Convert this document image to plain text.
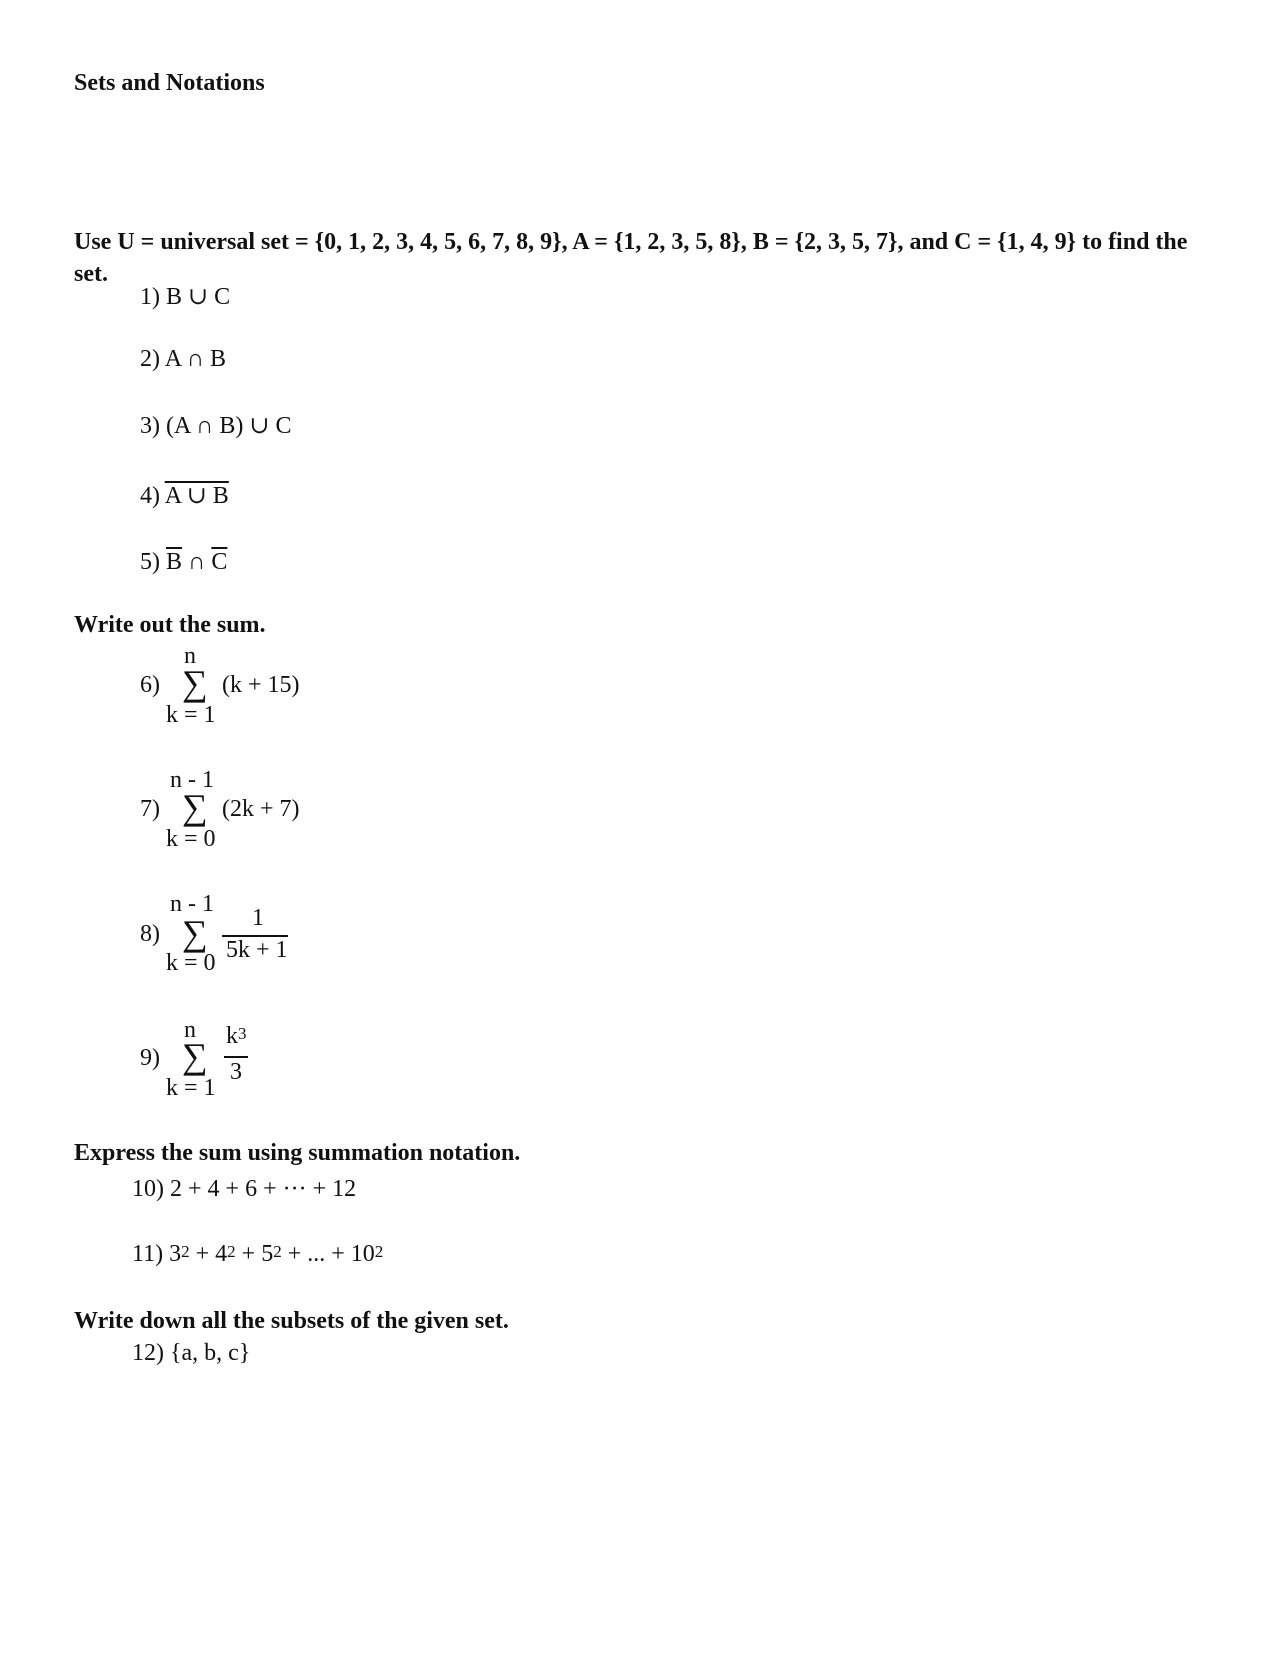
Sets and Notations
Use U = universal set = {0, 1, 2, 3, 4, 5, 6, 7, 8, 9}, A = {1, 2, 3, 5, 8}, B = {2, 3, 5, 7}, and C = {1, 4, 9} to find the set.
1) B ∪ C
2) A ∩ B
3) (A ∩ B) ∪ C
4) A ∪ B
5) $\overline{B}$ ∩ $\overline{C}$
Write out the sum.
6)
n
∑
k = 1
(k + 15)
7)
n - 1
∑
k = 0
(2k + 7)
8)
n - 1
∑
k = 0
1
5k + 1
9)
n
∑
k = 1
$k^3$
3
Express the sum using summation notation.
10) 2 + 4 + 6 + ··· + 12
11) $3^2 + 4^2 + 5^2$ + ... + $10^2$
Write down all the subsets of the given set.
12) {a, b, c}
